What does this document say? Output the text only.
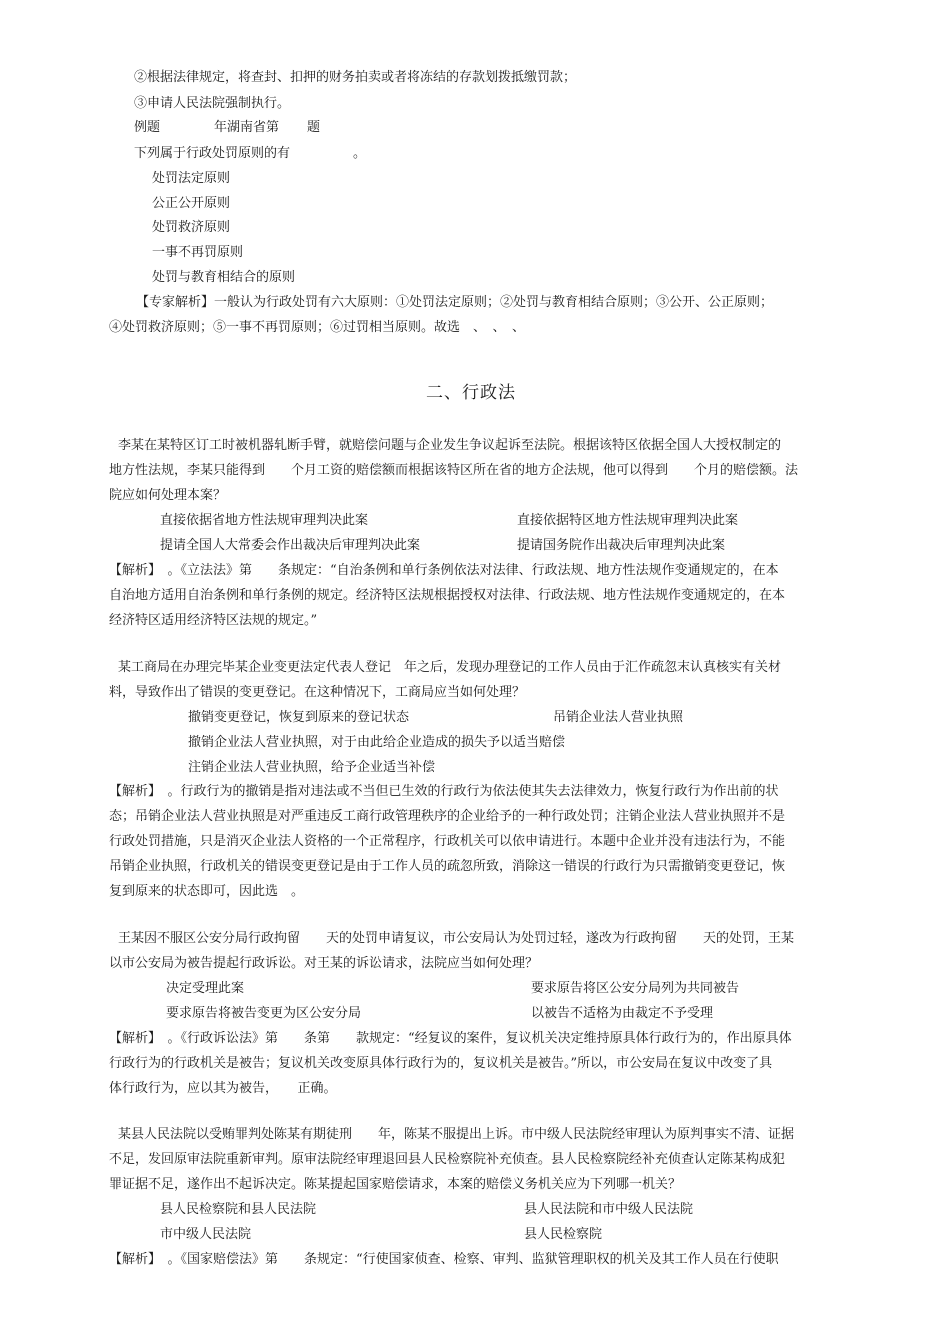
②根据法律规定，将查封、扣押的财务拍卖或者将冻结的存款划拨抵缴罚款；
③申请人民法院强制执行。
例题	年湖南省第 题
下列属于行政处罚原则的有	。
处罚法定原则
公正公开原则
处罚救济原则
一事不再罚原则
处罚与教育相结合的原则
【专家解析】一般认为行政处罚有六大原则：①处罚法定原则；②处罚与教育相结合原则；③公开、公正原则；
④处罚救济原则；⑤一事不再罚原则；⑥过罚相当原则。故选　、　、　、
二、行政法
李某在某特区订工时被机器轧断手臂，就赔偿问题与企业发生争议起诉至法院。根据该特区依据全国人大授权制定的
地方性法规，李某只能得到　　个月工资的赔偿额而根据该特区所在省的地方企法规，他可以得到　　个月的赔偿额。法
院应如何处理本案？
直接依据省地方性法规审理判决此案	直接依据特区地方性法规审理判决此案
提请全国人大常委会作出裁决后审理判决此案	提请国务院作出裁决后审理判决此案
【解析】　。《立法法》第　　条规定：“自治条例和单行条例依法对法律、行政法规、地方性法规作变通规定的，在本
自治地方适用自治条例和单行条例的规定。经济特区法规根据授权对法律、行政法规、地方性法规作变通规定的，在本
经济特区适用经济特区法规的规定。”
某工商局在办理完毕某企业变更法定代表人登记　年之后，发现办理登记的工作人员由于汇作疏忽末认真核实有关材
料，导致作出了错误的变更登记。在这种情况下，工商局应当如何处理？
撤销变更登记，恢复到原来的登记状态	吊销企业法人营业执照
撤销企业法人营业执照，对于由此给企业造成的损失予以适当赔偿
注销企业法人营业执照，给予企业适当补偿
【解析】　。行政行为的撤销是指对违法或不当但已生效的行政行为依法使其失去法律效力，恢复行政行为作出前的状
态；吊销企业法人营业执照是对严重违反工商行政管理秩序的企业给予的一种行政处罚；注销企业法人营业执照并不是
行政处罚措施，只是消灭企业法人资格的一个正常程序，行政机关可以依申请进行。本题中企业并没有违法行为，不能
吊销企业执照，行政机关的错误变更登记是由于工作人员的疏忽所致，消除这一错误的行政行为只需撤销变更登记，恢
复到原来的状态即可，因此选　。
王某因不服区公安分局行政拘留　　天的处罚申请复议，市公安局认为处罚过轻，遂改为行政拘留　　天的处罚，王某
以市公安局为被告提起行政诉讼。对王某的诉讼请求，法院应当如何处理？
决定受理此案	要求原告将区公安分局列为共同被告
要求原告将被告变更为区公安分局	以被告不适格为由裁定不予受理
【解析】　。《行政诉讼法》第　　条第　　款规定：“经复议的案件，复议机关决定维持原具体行政行为的，作出原具体
行政行为的行政机关是被告；复议机关改变原具体行政行为的，复议机关是被告。”所以，市公安局在复议中改变了具
体行政行为，应以其为被告，　　正确。
某县人民法院以受贿罪判处陈某有期徒刑　　年，陈某不服提出上诉。市中级人民法院经审理认为原判事实不清、证据
不足，发回原审法院重新审判。原审法院经审理退回县人民检察院补充侦查。县人民检察院经补充侦查认定陈某构成犯
罪证据不足，遂作出不起诉决定。陈某提起国家赔偿请求，本案的赔偿义务机关应为下列哪一机关？
县人民检察院和县人民法院	县人民法院和市中级人民法院
市中级人民法院	县人民检察院
【解析】　。《国家赔偿法》第　　条规定：“行使国家侦查、检察、审判、监狱管理职权的机关及其工作人员在行使职
